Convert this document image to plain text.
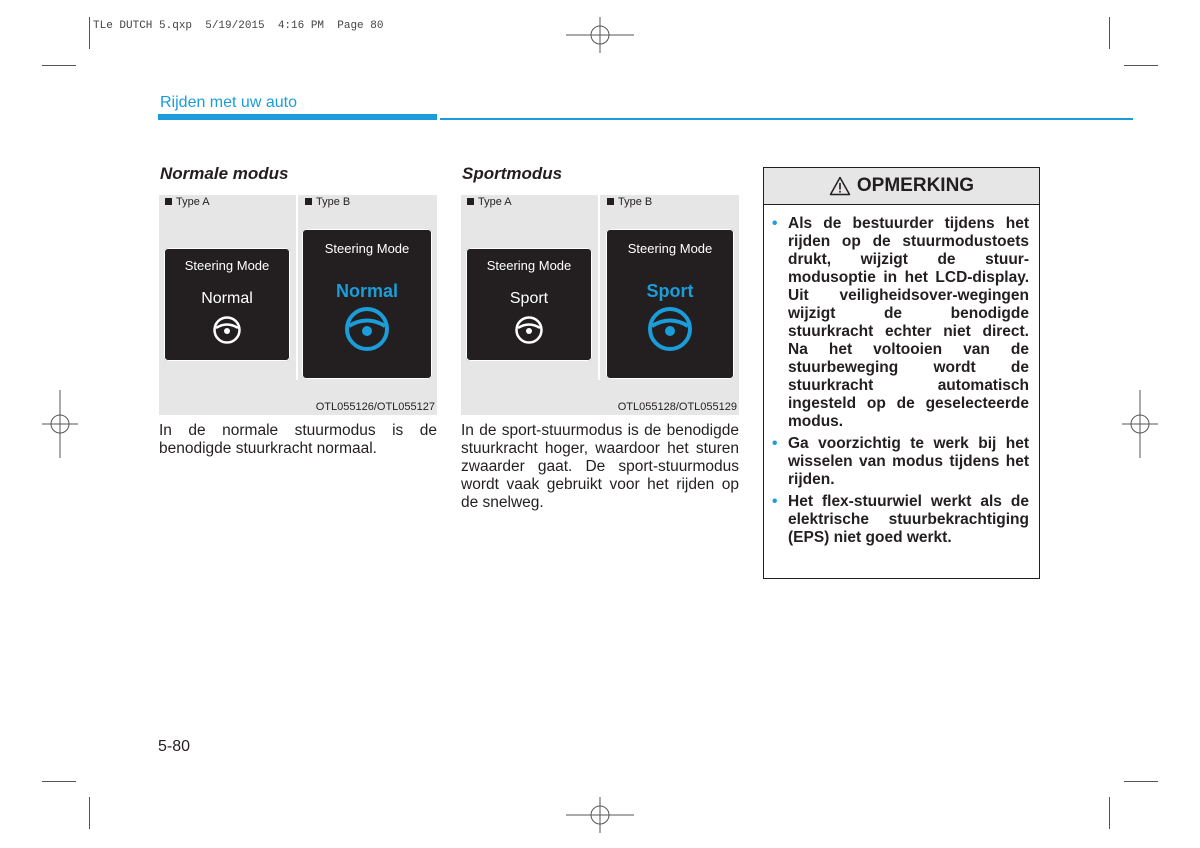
TLe DUTCH 5.qxp  5/19/2015  4:16 PM  Page 80
Rijden met uw auto
Normale modus
Type A	Type B
Steering Mode
Normal
Steering Mode
Normal
OTL055126/OTL055127
In de normale stuurmodus is de benodigde stuurkracht normaal.
Sportmodus
Type A	Type B
Steering Mode
Sport
Steering Mode
Sport
OTL055128/OTL055129
In de sport-stuurmodus is de benodigde stuurkracht hoger, waardoor het sturen zwaarder gaat. De sport-stuurmodus wordt vaak gebruikt voor het rijden op de snelweg.
OPMERKING
• Als de bestuurder tijdens het rijden op de stuurmodustoets drukt, wijzigt de stuur-modusoptie in het LCD-display. Uit veiligheidsover-wegingen wijzigt de benodigde stuurkracht echter niet direct. Na het voltooien van de stuurbeweging wordt de stuurkracht automatisch ingesteld op de geselecteerde modus.
• Ga voorzichtig te werk bij het wisselen van modus tijdens het rijden.
• Het flex-stuurwiel werkt als de elektrische stuurbekrachtiging (EPS) niet goed werkt.
5-80
